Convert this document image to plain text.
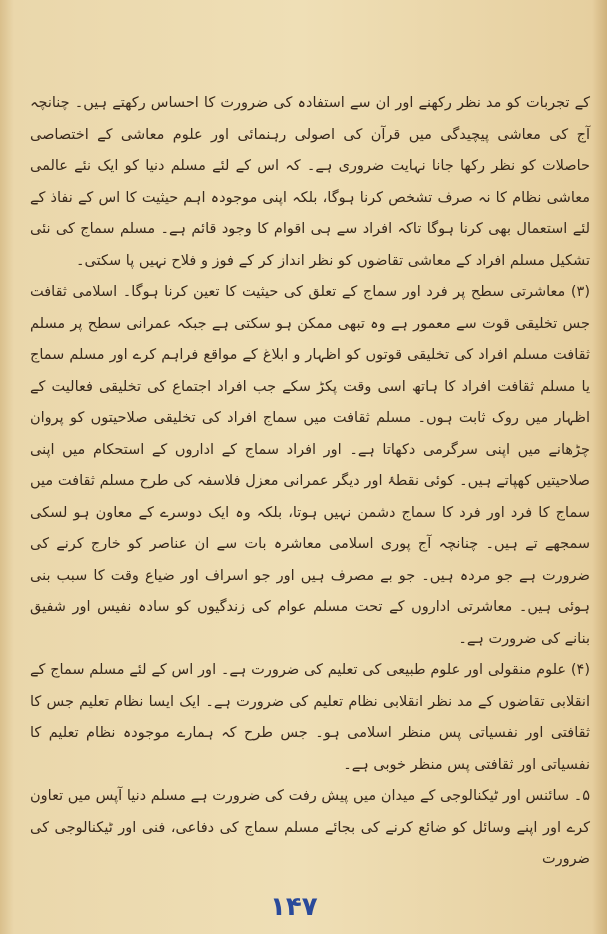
کے تجربات کو مد نظر رکھنے اور ان سے استفادہ کی ضرورت کا احساس رکھتے ہیں۔ چنانچہ آج کی معاشی پیچیدگی میں قرآن کی اصولی رہنمائی اور علوم معاشی کے اختصاصی حاصلات کو نظر رکھا جانا نہایت ضروری ہے۔ کہ اس کے لئے مسلم دنیا کو ایک نئے عالمی معاشی نظام کا نہ صرف تشخص کرنا ہوگا، بلکہ اپنی موجودہ اہم حیثیت کا اس کے نفاذ کے لئے استعمال بھی کرنا ہوگا تاکہ افراد سے ہی اقوام کا وجود قائم ہے۔ مسلم سماج کی نئی تشکیل مسلم افراد کے معاشی تقاضوں کو نظر انداز کر کے فوز و فلاح نہیں پا سکتی۔

(۳) معاشرتی سطح پر فرد اور سماج کے تعلق کی حیثیت کا تعین کرنا ہوگا۔ اسلامی ثقافت جس تخلیقی قوت سے معمور ہے وہ تبھی ممکن ہو سکتی ہے جبکہ عمرانی سطح پر مسلم ثقافت مسلم افراد کی تخلیقی قوتوں کو اظہار و ابلاغ کے مواقع فراہم کرے اور مسلم سماج یا مسلم ثقافت افراد کا ہاتھ اسی وقت پکڑ سکے جب افراد اجتماع کی تخلیقی فعالیت کے اظہار میں روک ثابت ہوں۔ مسلم ثقافت میں سماج افراد کی تخلیقی صلاحیتوں کو پروان چڑھانے میں اپنی سرگرمی دکھاتا ہے۔ اور افراد سماج کے اداروں کے استحکام میں اپنی صلاحیتیں کھپاتے ہیں۔ کوئی نقطۂ اور دیگر عمرانی معزل فلاسفہ کی طرح مسلم ثقافت میں سماج کا فرد اور فرد کا سماج دشمن نہیں ہوتا، بلکہ وہ ایک دوسرے کے معاون ہو لسکی سمجھے تے ہیں۔ چنانچہ آج پوری اسلامی معاشرہ بات سے ان عناصر کو خارج کرنے کی ضرورت ہے جو مردہ ہیں۔ جو بے مصرف ہیں اور جو اسراف اور ضیاع وقت کا سبب بنی ہوئی ہیں۔ معاشرتی اداروں کے تحت مسلم عوام کی زندگیوں کو سادہ نفیس اور شفیق بنانے کی ضرورت ہے۔

(۴) علوم منقولی اور علوم طبیعی کی تعلیم کی ضرورت ہے۔ اور اس کے لئے مسلم سماج کے انقلابی تقاضوں کے مد نظر انقلابی نظام تعلیم کی ضرورت ہے۔ ایک ایسا نظام تعلیم جس کا ثقافتی اور نفسیاتی پس منظر اسلامی ہو۔ جس طرح کہ ہمارے موجودہ نظام تعلیم کا نفسیاتی اور ثقافتی پس منظر خوبی ہے۔

۵۔ سائنس اور ٹیکنالوجی کے میدان میں پیش رفت کی ضرورت ہے مسلم دنیا آپس میں تعاون کرے اور اپنے وسائل کو ضائع کرنے کی بجائے مسلم سماج کی دفاعی، فنی اور ٹیکنالوجی کی ضرورت

۱۴۷
